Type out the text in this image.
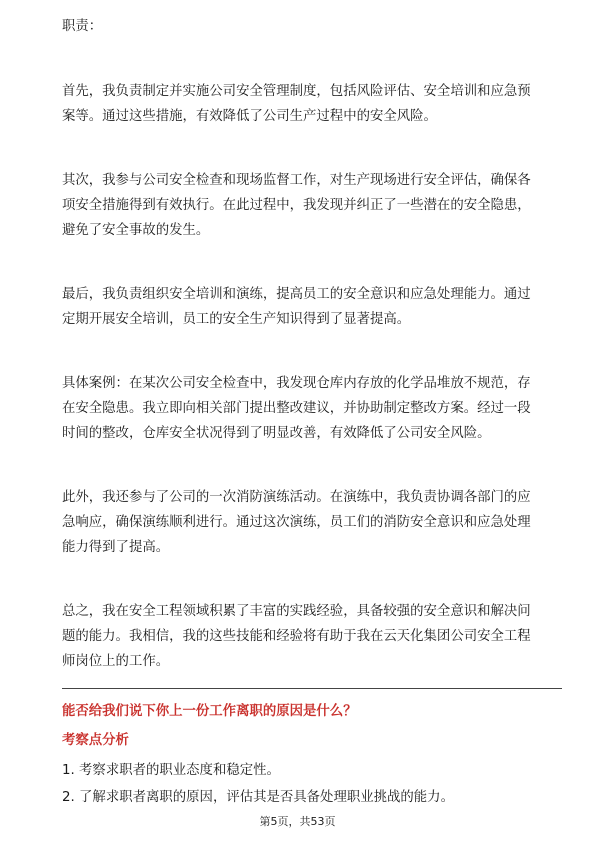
职责：

首先，我负责制定并实施公司安全管理制度，包括风险评估、安全培训和应急预案等。通过这些措施，有效降低了公司生产过程中的安全风险。

其次，我参与公司安全检查和现场监督工作，对生产现场进行安全评估，确保各项安全措施得到有效执行。在此过程中，我发现并纠正了一些潜在的安全隐患，避免了安全事故的发生。

最后，我负责组织安全培训和演练，提高员工的安全意识和应急处理能力。通过定期开展安全培训，员工的安全生产知识得到了显著提高。

具体案例：在某次公司安全检查中，我发现仓库内存放的化学品堆放不规范，存在安全隐患。我立即向相关部门提出整改建议，并协助制定整改方案。经过一段时间的整改，仓库安全状况得到了明显改善，有效降低了公司安全风险。

此外，我还参与了公司的一次消防演练活动。在演练中，我负责协调各部门的应急响应，确保演练顺利进行。通过这次演练，员工们的消防安全意识和应急处理能力得到了提高。

总之，我在安全工程领域积累了丰富的实践经验，具备较强的安全意识和解决问题的能力。我相信，我的这些技能和经验将有助于我在云天化集团公司安全工程师岗位上的工作。

能否给我们说下你上一份工作离职的原因是什么？

考察点分析

1. 考察求职者的职业态度和稳定性。
2. 了解求职者离职的原因，评估其是否具备处理职业挑战的能力。
第5页，共53页
